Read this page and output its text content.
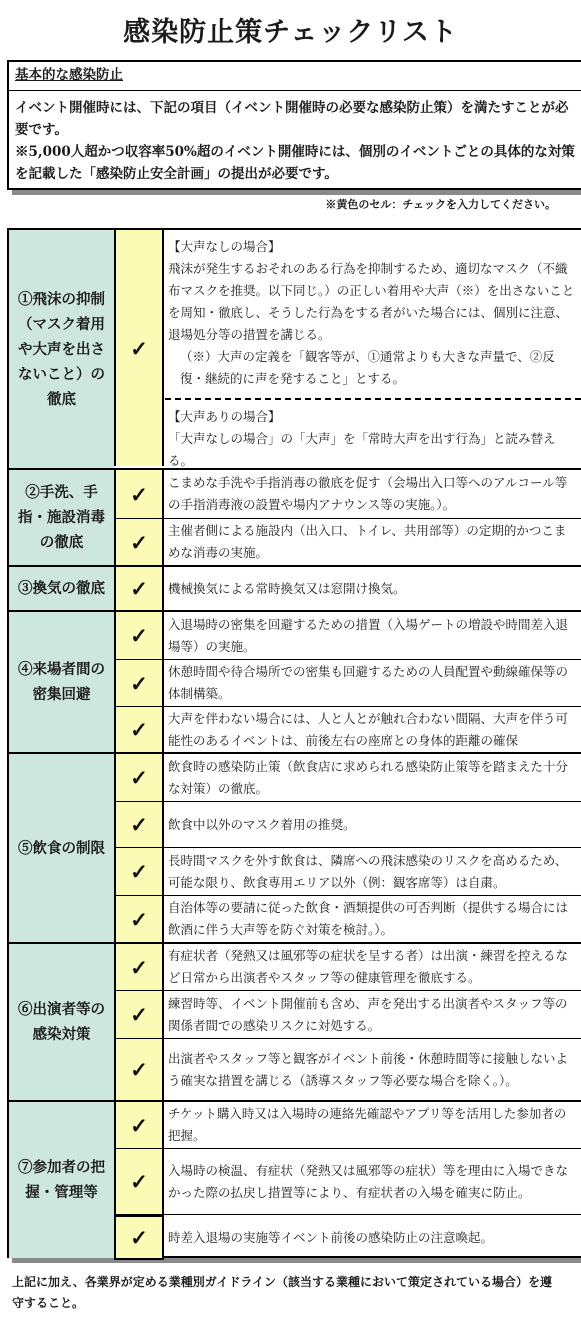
感染防止策チェックリスト
基本的な感染防止
イベント開催時には、下記の項目（イベント開催時の必要な感染防止策）を満たすことが必要です。
※5,000人超かつ収容率50%超のイベント開催時には、個別のイベントごとの具体的な対策を記載した「感染防止安全計画」の提出が必要です。
※黄色のセル：チェックを入力してください。
①飛沫の抑制（マスク着用や大声を出さないこと）の徹底
✓
【大声なしの場合】
飛沫が発生するおそれのある行為を抑制するため、適切なマスク（不織布マスクを推奨。以下同じ。）の正しい着用や大声（※）を出さないことを周知・徹底し、そうした行為をする者がいた場合には、個別に注意、退場処分等の措置を講じる。
（※）大声の定義を「観客等が、①通常よりも大きな声量で、②反復・継続的に声を発すること」とする。
【大声ありの場合】
「大声なしの場合」の「大声」を「常時大声を出す行為」と読み替える。
②手洗、手指・施設消毒の徹底
✓	こまめな手洗や手指消毒の徹底を促す（会場出入口等へのアルコール等の手指消毒液の設置や場内アナウンス等の実施。）。
✓	主催者側による施設内（出入口、トイレ、共用部等）の定期的かつこまめな消毒の実施。
③換気の徹底	✓	機械換気による常時換気又は窓開け換気。
④来場者間の密集回避
✓	入退場時の密集を回避するための措置（入場ゲートの増設や時間差入退場等）の実施。
✓	休憩時間や待合場所での密集も回避するための人員配置や動線確保等の体制構築。
✓	大声を伴わない場合には、人と人とが触れ合わない間隔、大声を伴う可能性のあるイベントは、前後左右の座席との身体的距離の確保
⑤飲食の制限
✓	飲食時の感染防止策（飲食店に求められる感染防止策等を踏まえた十分な対策）の徹底。
✓	飲食中以外のマスク着用の推奨。
✓	長時間マスクを外す飲食は、隣席への飛沫感染のリスクを高めるため、可能な限り、飲食専用エリア以外（例：観客席等）は自粛。
✓	自治体等の要請に従った飲食・酒類提供の可否判断（提供する場合には飲酒に伴う大声等を防ぐ対策を検討。）。
⑥出演者等の感染対策
✓	有症状者（発熱又は風邪等の症状を呈する者）は出演・練習を控えるなど日常から出演者やスタッフ等の健康管理を徹底する。
✓	練習時等、イベント開催前も含め、声を発出する出演者やスタッフ等の関係者間での感染リスクに対処する。
✓	出演者やスタッフ等と観客がイベント前後・休憩時間等に接触しないよう確実な措置を講じる（誘導スタッフ等必要な場合を除く。）。
⑦参加者の把握・管理等
✓	チケット購入時又は入場時の連絡先確認やアプリ等を活用した参加者の把握。
✓	入場時の検温、有症状（発熱又は風邪等の症状）等を理由に入場できなかった際の払戻し措置等により、有症状者の入場を確実に防止。
✓	時差入退場の実施等イベント前後の感染防止の注意喚起。
上記に加え、各業界が定める業種別ガイドライン（該当する業種において策定されている場合）を遵守すること。
